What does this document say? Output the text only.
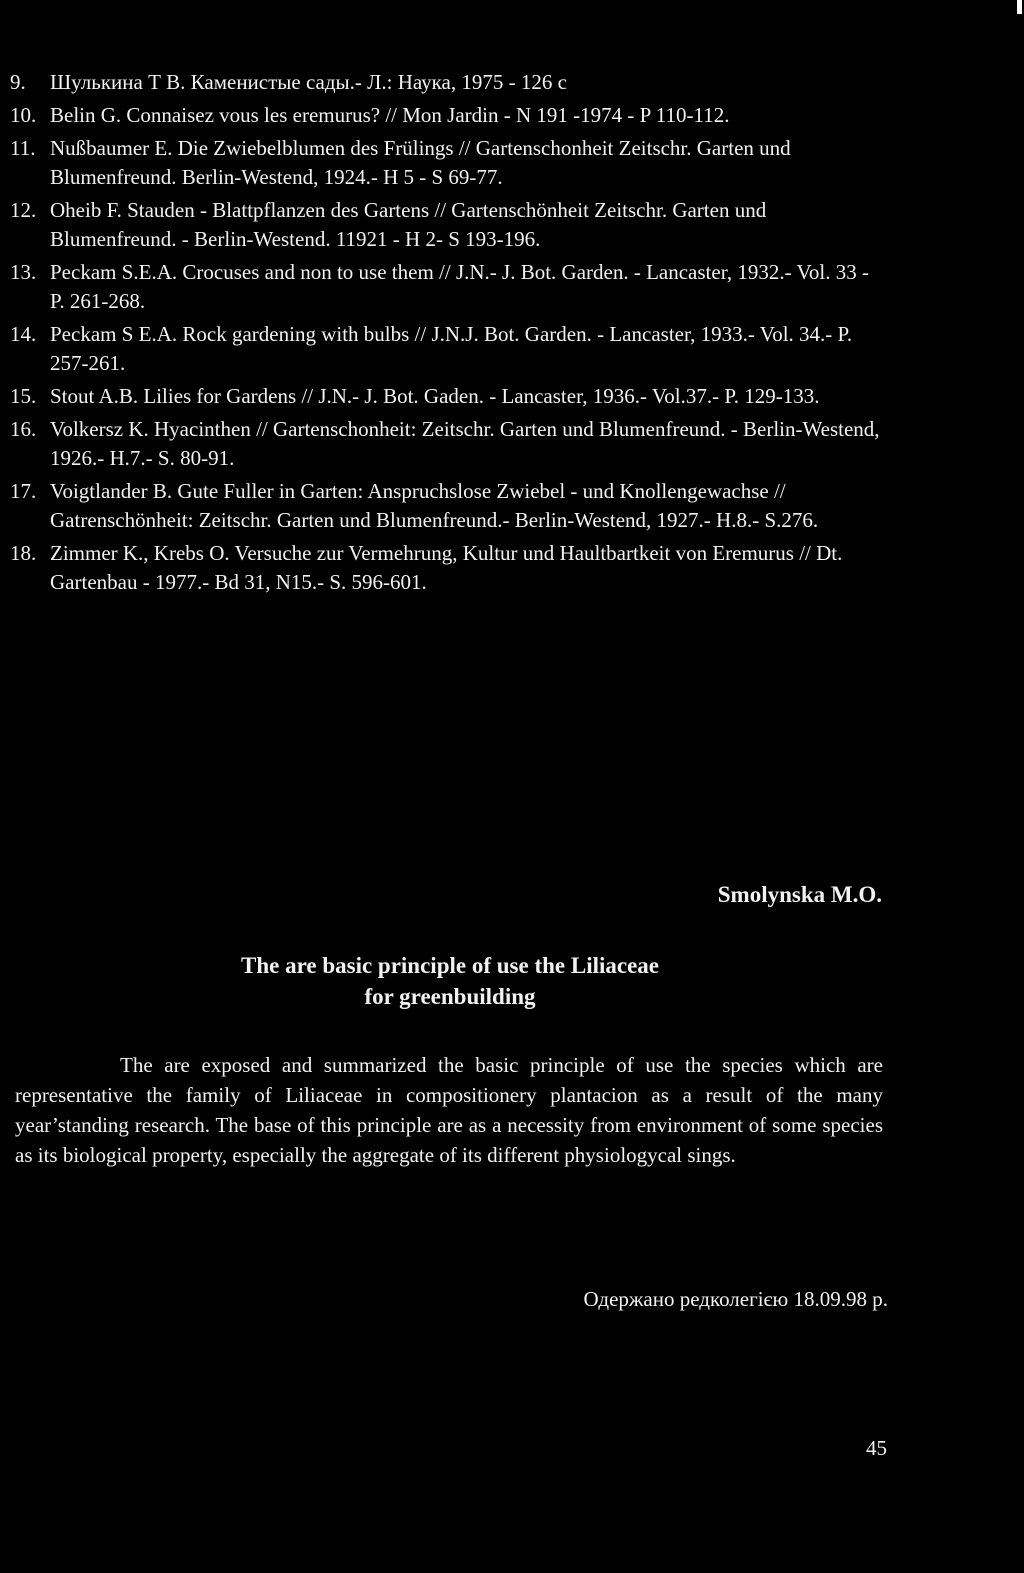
9.	Шулькина Т В. Каменистые сады.- Л.: Наука, 1975 - 126 с
10. Belin G. Connaisez vous les eremurus? // Mon Jardin - N 191 -1974 - P 110-112.
11. Nußbaumer E. Die Zwiebelblumen des Frülings // Gartenschonheit Zeitschr. Garten und Blumenfreund. Berlin-Westend, 1924.- H 5 - S 69-77.
12. Oheib F. Stauden - Blattpflanzen des Gartens // Gartenschönheit Zeitschr. Garten und Blumenfreund. - Berlin-Westend. 11921 - H 2- S 193-196.
13. Peckam S.E.A. Crocuses and non to use them // J.N.- J. Bot. Garden. - Lancaster, 1932.- Vol. 33 - P. 261-268.
14. Peckam S E.A. Rock gardening with bulbs // J.N.J. Bot. Garden. - Lancaster, 1933.- Vol. 34.- P. 257-261.
15. Stout A.B. Lilies for Gardens // J.N.- J. Bot. Gaden. - Lancaster, 1936.- Vol.37.- P. 129-133.
16. Volkersz K. Hyacinthen // Gartenschonheit: Zeitschr. Garten und Blumenfreund. - Berlin-Westend, 1926.- H.7.- S. 80-91.
17. Voigtlander B. Gute Fuller in Garten: Anspruchslose Zwiebel - und Knollengewachse // Gatrenschönheit: Zeitschr. Garten und Blumenfreund.- Berlin-Westend, 1927.- H.8.- S.276.
18. Zimmer K., Krebs O. Versuche zur Vermehrung, Kultur und Haultbartkeit von Eremurus // Dt. Gartenbau - 1977.- Bd 31, N15.- S. 596-601.
Smolynska M.O.
The are basic principle of use the Liliaceae
for greenbuilding
The are exposed and summarized the basic principle of use the species which are representative the family of Liliaceae in compositionery plantacion as a result of the many year’standing research. The base of this principle are as a necessity from environment of some species as its biological property, especially the aggregate of its different physiologycal sings.
Одержано редколегією 18.09.98 р.
45
